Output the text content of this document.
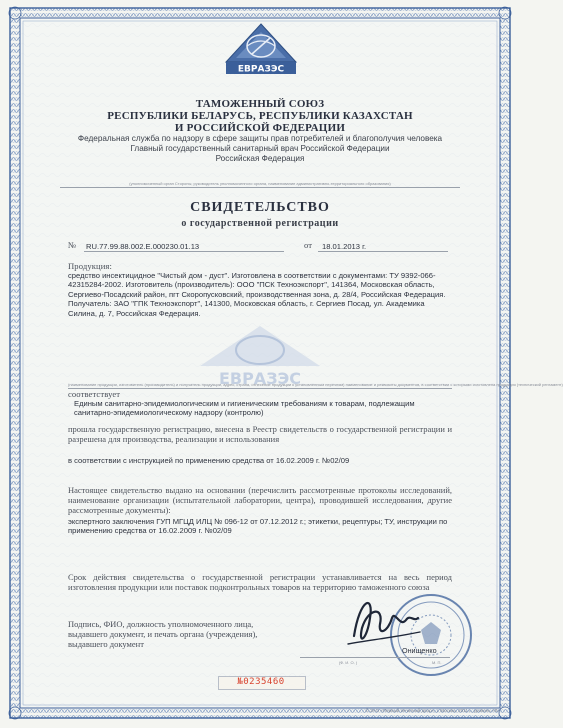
ЕВРАЗЭС
ТАМОЖЕННЫЙ СОЮЗ
РЕСПУБЛИКИ БЕЛАРУСЬ, РЕСПУБЛИКИ КАЗАХСТАН
И РОССИЙСКОЙ ФЕДЕРАЦИИ
Федеральная служба по надзору в сфере защиты прав потребителей и благополучия человека
Главный государственный санитарный врач Российской Федерации
Российская Федерация
(уполномоченный орган Стороны, руководитель уполномоченного органа, наименование административно-территориального образования)
СВИДЕТЕЛЬСТВО
о государственной регистрации
№ RU.77.99.88.002.E.000230.01.13	от 18.01.2013 г.
Продукция:
средство инсектицидное "Чистый дом - дуст". Изготовлена в соответствии с документами: ТУ 9392-066-42315284-2002. Изготовитель (производитель): ООО "ПСК Техноэкспорт", 141364, Московская область, Сергиево-Посадский район, пгт Скоропусковский, производственная зона, д. 28/4, Российская Федерация. Получатель: ЗАО "ГПК Техноэкспорт", 141300, Московская область, г. Сергиев Посад, ул. Академика Силина, д. 7, Российская Федерация.
ЕВРАЗЭС
(наименование продукции, изготовитель (производитель) и получатель продукции, адрес, страна, отнесение продукции к установленным перечням) наименование и реквизиты документов, в соответствии с которыми изготовлена продукция (технический регламент)
соответствует
Единым санитарно-эпидемиологическим и гигиеническим требованиям к товарам, подлежащим санитарно-эпидемиологическому надзору (контролю)
прошла государственную регистрацию, внесена в Реестр свидетельств о государственной регистрации и разрешена для производства, реализации и использования
в соответствии с инструкцией по применению средства от 16.02.2009 г. №02/09
Настоящее свидетельство выдано на основании (перечислить рассмотренные протоколы исследований, наименование организации (испытательной лаборатории, центра), проводившей исследования, другие рассмотренные документы):
экспертного заключения ГУП МГЦД ИЛЦ № 096-12 от 07.12.2012 г.; этикетки, рецептуры; ТУ, инструкции по применению средства от 16.02.2009 г. №02/09
Срок действия свидетельства о государственной регистрации устанавливается на весь период изготовления продукции или поставок подконтрольных товаров на территорию таможенного союза
Подпись, ФИО, должность уполномоченного лица, выдавшего документ, и печать органа (учреждения), выдавшего документ
Онищенко
(Ф. И. О. )	М. П.
№0235460
© ЗАО «Первый печатный двор», г. Москва, 2011 г., уровень «В»
